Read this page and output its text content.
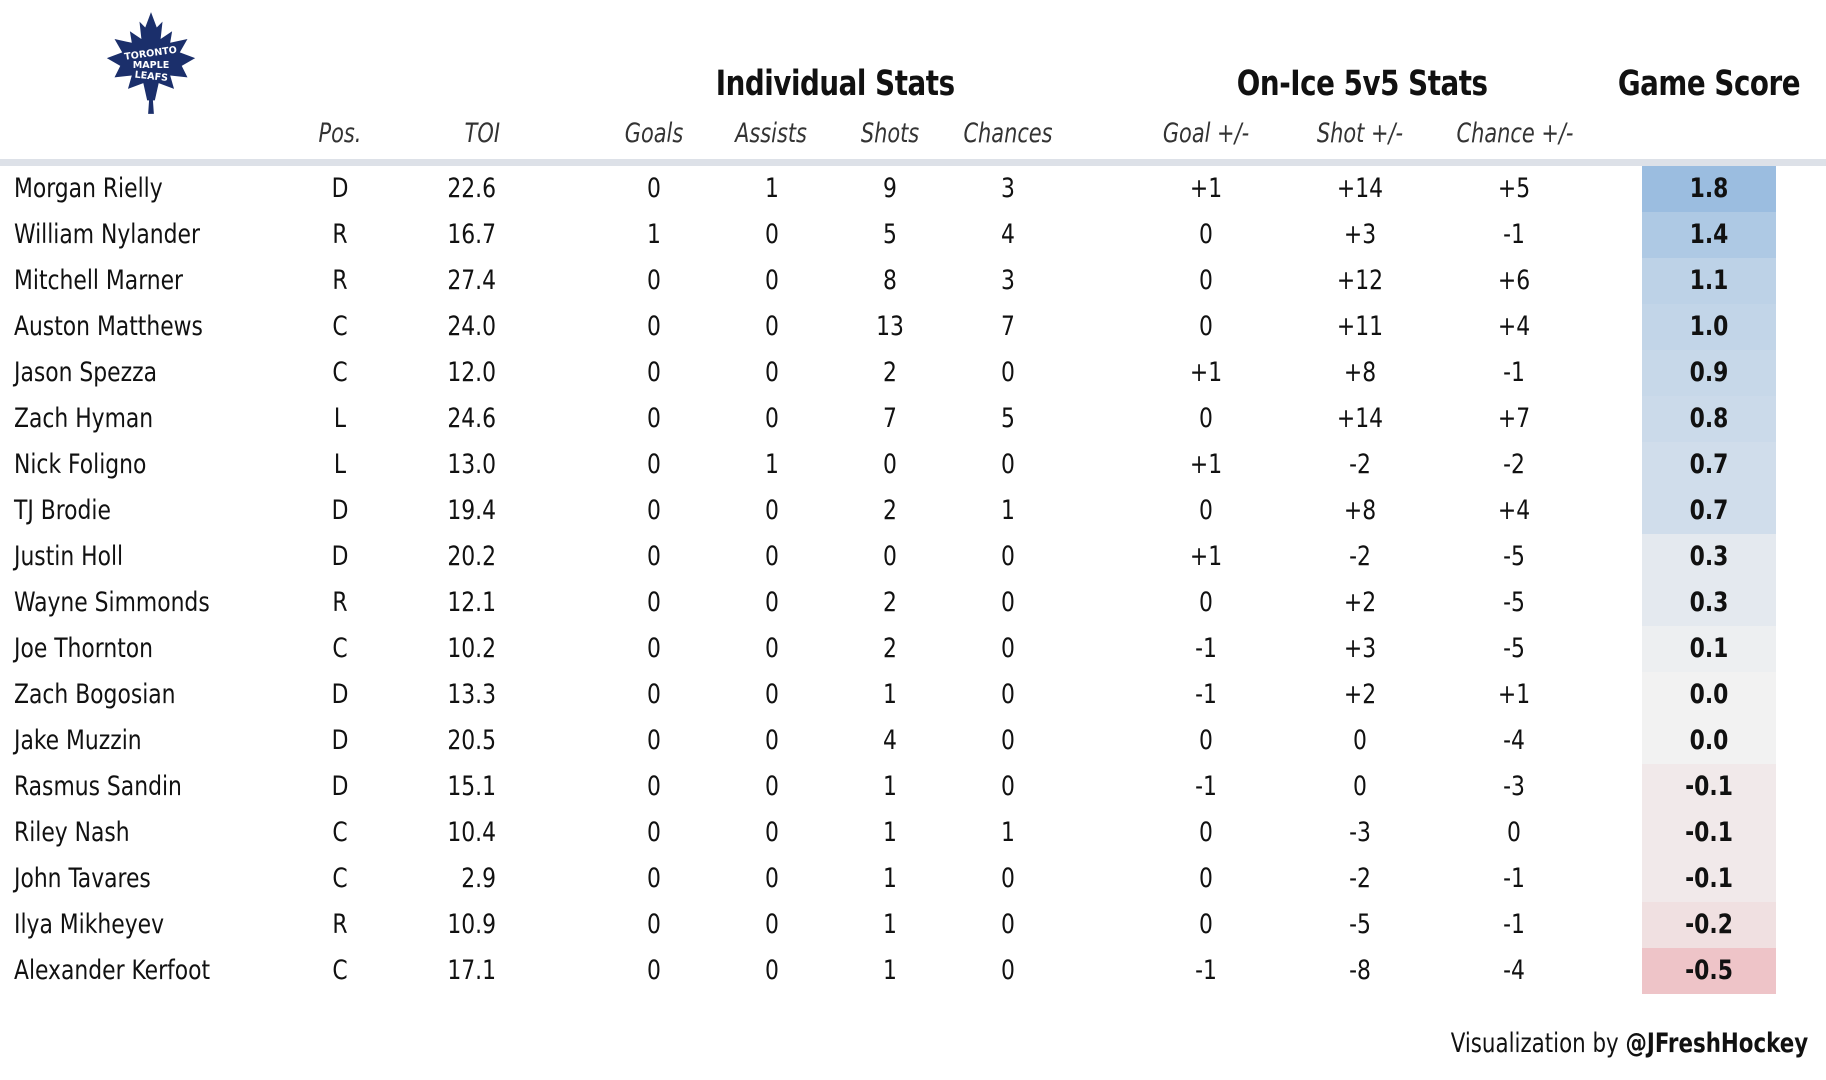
TORONTO
MAPLE
LEAFS	Individual Stats	On-Ice 5v5 Stats	Game Score
Pos.	TOI	Goals	Assists	Shots	Chances	Goal +/-	Shot +/-	Chance +/-
Morgan Rielly	D	22.6	0	1	9	3	+1	+14	+5	1.8
William Nylander	R	16.7	1	0	5	4	0	+3	-1	1.4
Mitchell Marner	R	27.4	0	0	8	3	0	+12	+6	1.1
Auston Matthews	C	24.0	0	0	13	7	0	+11	+4	1.0
Jason Spezza	C	12.0	0	0	2	0	+1	+8	-1	0.9
Zach Hyman	L	24.6	0	0	7	5	0	+14	+7	0.8
Nick Foligno	L	13.0	0	1	0	0	+1	-2	-2	0.7
TJ Brodie	D	19.4	0	0	2	1	0	+8	+4	0.7
Justin Holl	D	20.2	0	0	0	0	+1	-2	-5	0.3
Wayne Simmonds	R	12.1	0	0	2	0	0	+2	-5	0.3
Joe Thornton	C	10.2	0	0	2	0	-1	+3	-5	0.1
Zach Bogosian	D	13.3	0	0	1	0	-1	+2	+1	0.0
Jake Muzzin	D	20.5	0	0	4	0	0	0	-4	0.0
Rasmus Sandin	D	15.1	0	0	1	0	-1	0	-3	-0.1
Riley Nash	C	10.4	0	0	1	1	0	-3	0	-0.1
John Tavares	C	2.9	0	0	1	0	0	-2	-1	-0.1
Ilya Mikheyev	R	10.9	0	0	1	0	0	-5	-1	-0.2
Alexander Kerfoot	C	17.1	0	0	1	0	-1	-8	-4	-0.5
Visualization by @JFreshHockey
